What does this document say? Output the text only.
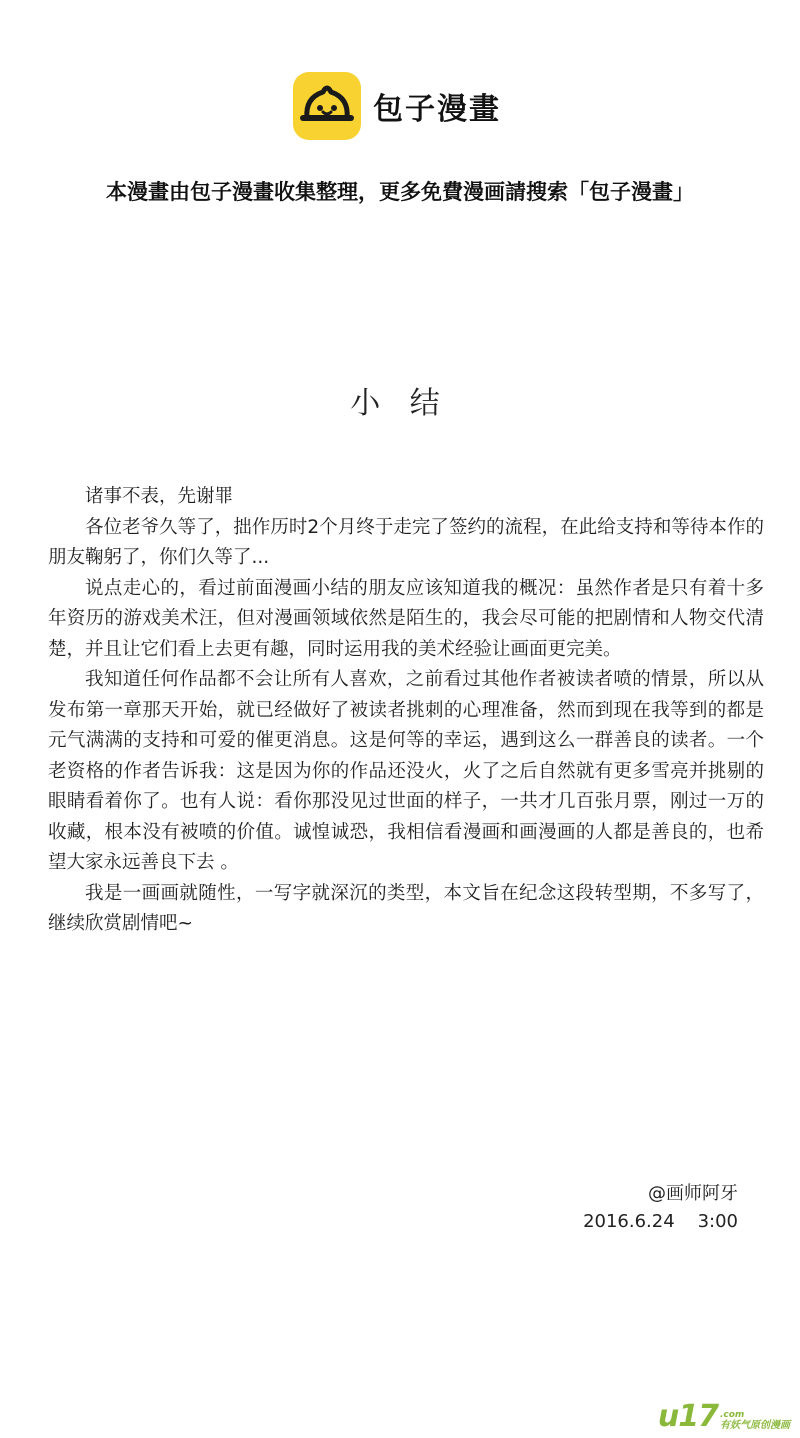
包子漫畫
本漫畫由包子漫畫收集整理，更多免費漫画請搜索「包子漫畫」
小 结

诸事不表，先谢罪

各位老爷久等了，拙作历时2个月终于走完了签约的流程，在此给支持和等待本作的朋友鞠躬了，你们久等了...

说点走心的，看过前面漫画小结的朋友应该知道我的概况：虽然作者是只有着十多年资历的游戏美术汪，但对漫画领域依然是陌生的，我会尽可能的把剧情和人物交代清楚，并且让它们看上去更有趣，同时运用我的美术经验让画面更完美。

我知道任何作品都不会让所有人喜欢，之前看过其他作者被读者喷的情景，所以从发布第一章那天开始，就已经做好了被读者挑刺的心理准备，然而到现在我等到的都是元气满满的支持和可爱的催更消息。这是何等的幸运，遇到这么一群善良的读者。一个老资格的作者告诉我：这是因为你的作品还没火，火了之后自然就有更多雪亮并挑剔的眼睛看着你了。也有人说：看你那没见过世面的样子，一共才几百张月票，刚过一万的收藏，根本没有被喷的价值。诚惶诚恐，我相信看漫画和画漫画的人都是善良的，也希望大家永远善良下去 。

我是一画画就随性，一写字就深沉的类型，本文旨在纪念这段转型期，不多写了，继续欣赏剧情吧~

@画师阿牙
2016.6.24    3:00
u17 .com
有妖气原创漫画
